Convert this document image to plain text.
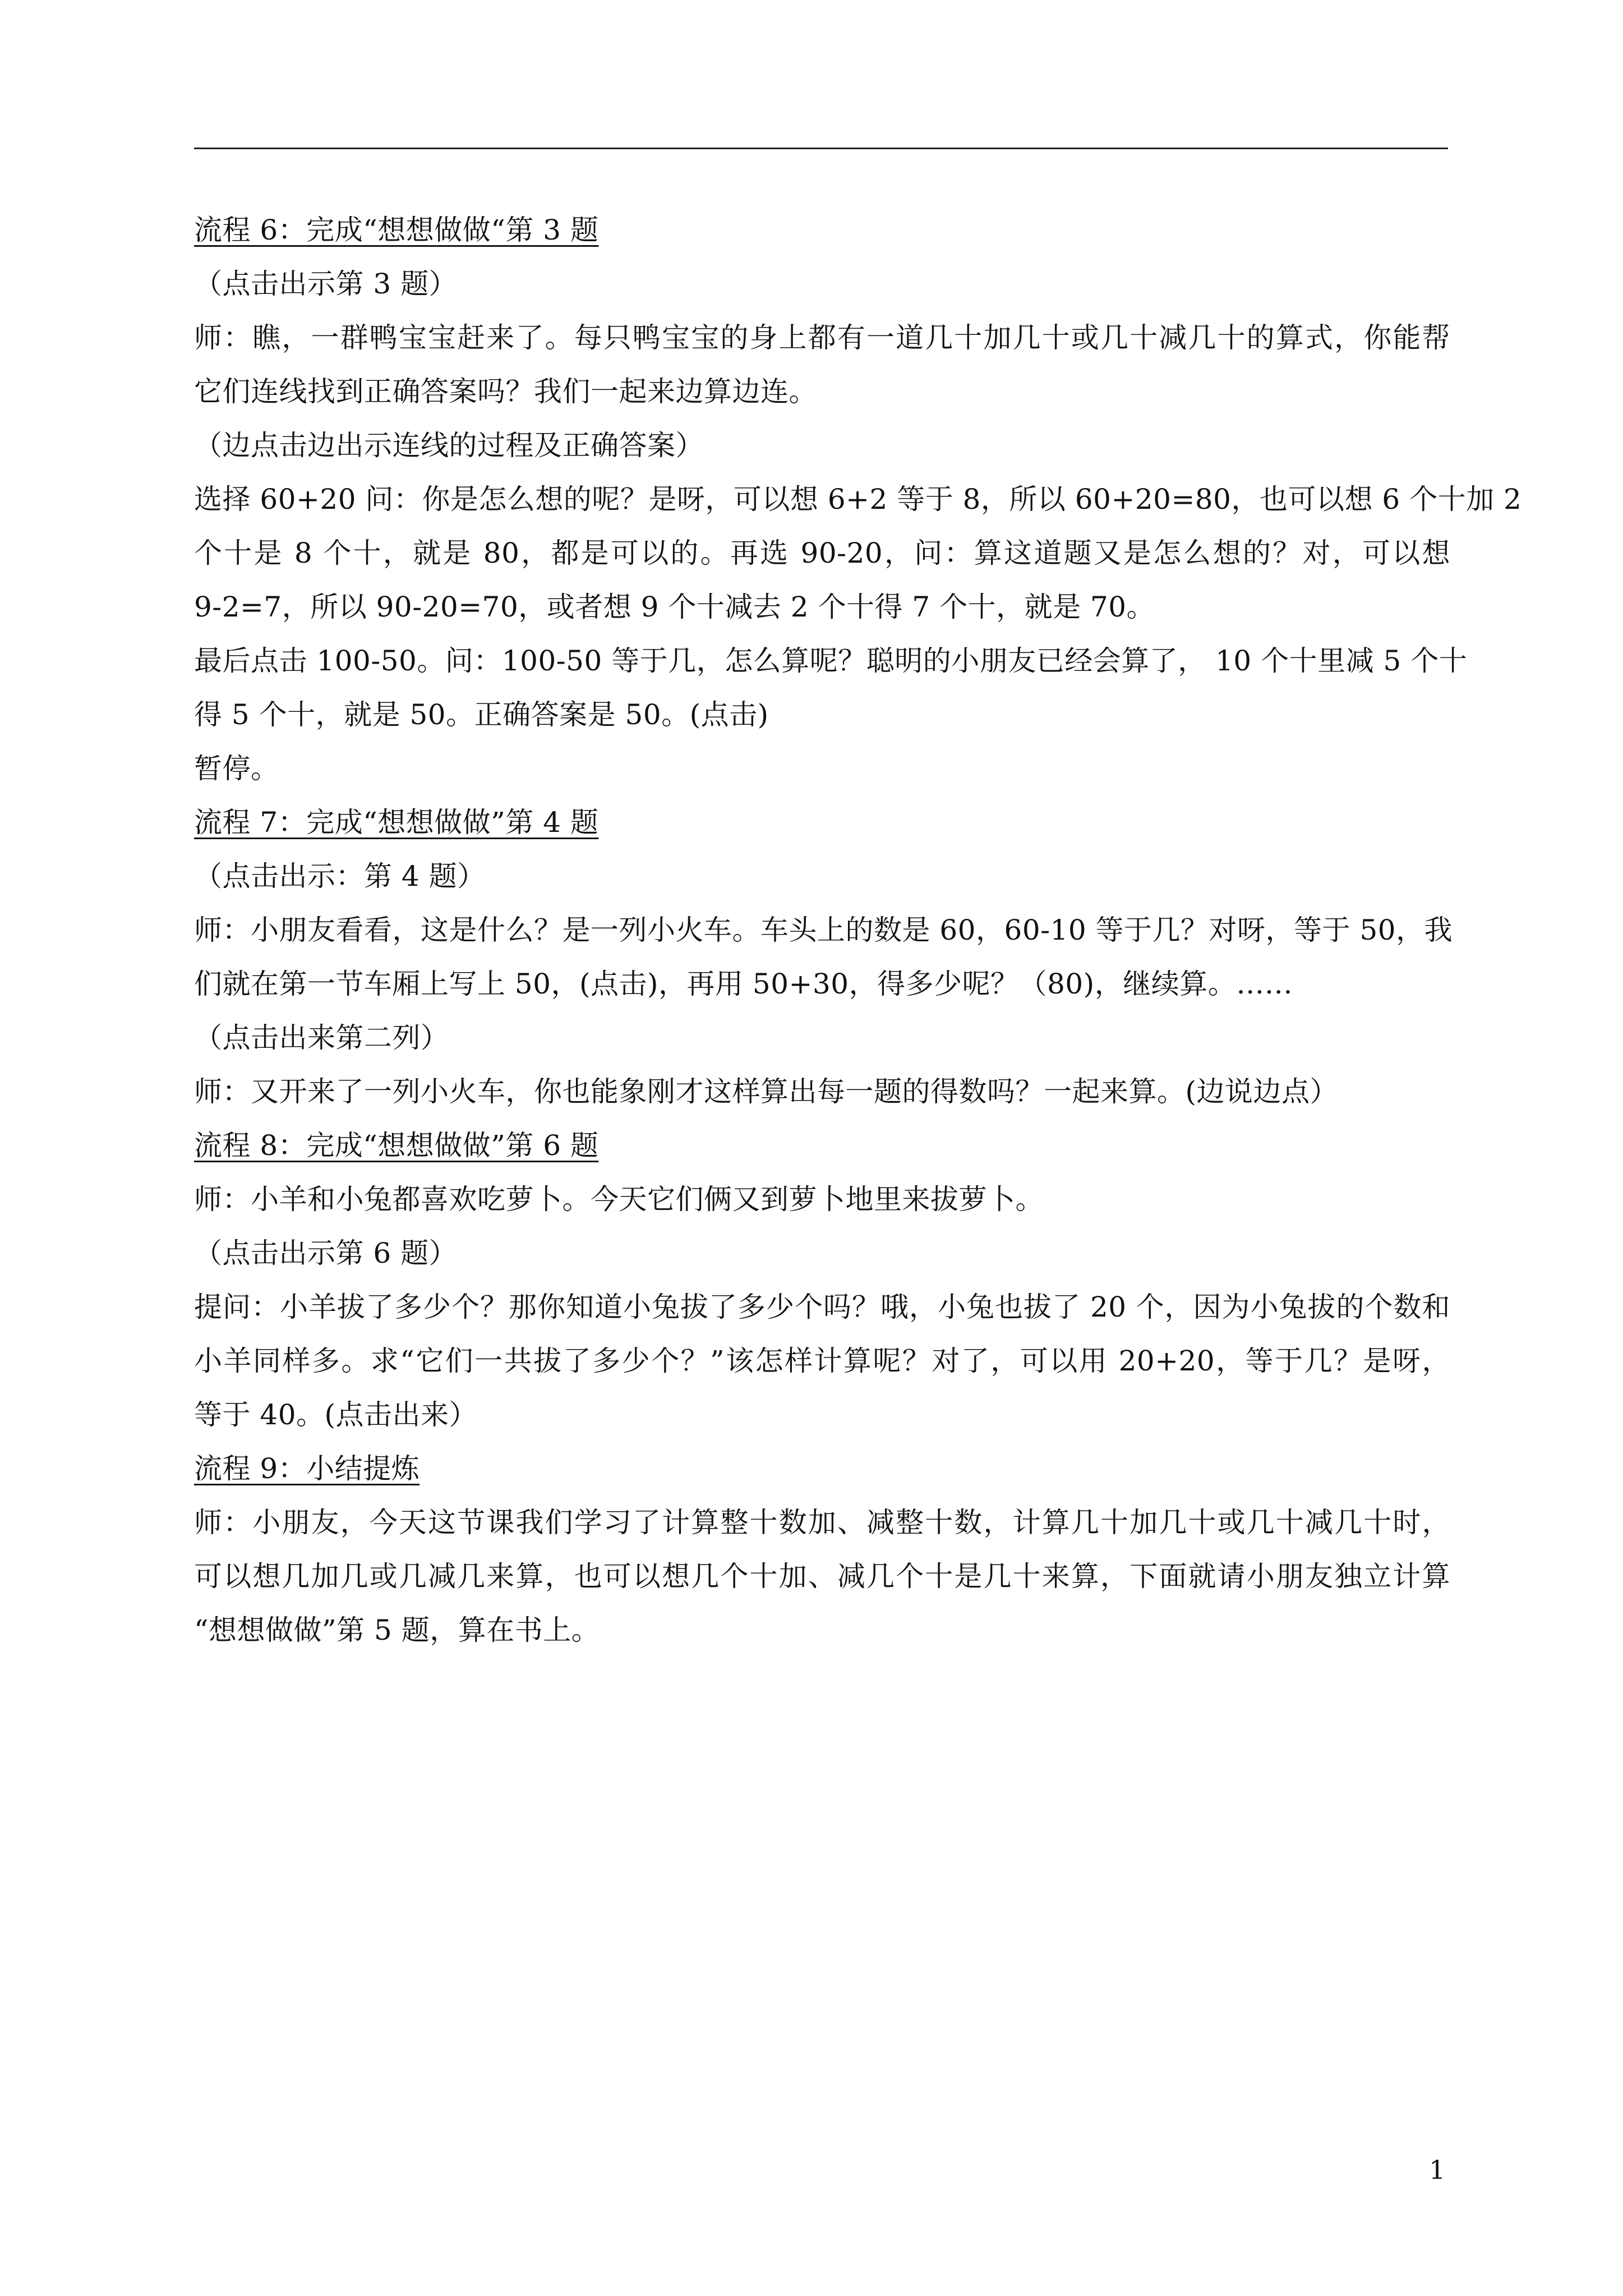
流程 6：完成“想想做做“第 3 题
（点击出示第 3 题）
师：瞧，一群鸭宝宝赶来了。每只鸭宝宝的身上都有一道几十加几十或几十减几十的算式，你能帮
它们连线找到正确答案吗？我们一起来边算边连。
（边点击边出示连线的过程及正确答案）
选择 60+20 问：你是怎么想的呢？是呀，可以想 6+2 等于 8，所以 60+20=80，也可以想 6 个十加 2
个十是 8 个十，就是 80，都是可以的。再选 90-20，问：算这道题又是怎么想的？对，可以想
9-2=7，所以 90-20=70，或者想 9 个十减去 2 个十得 7 个十，就是 70。
最后点击 100-50。问：100-50 等于几，怎么算呢？聪明的小朋友已经会算了， 10 个十里减 5 个十
得 5 个十，就是 50。正确答案是 50。(点击)
暂停。
流程 7：完成“想想做做”第 4 题
（点击出示：第 4 题）
师：小朋友看看，这是什么？是一列小火车。车头上的数是 60，60-10 等于几？对呀，等于 50，我
们就在第一节车厢上写上 50，(点击)，再用 50+30，得多少呢？（80)，继续算。……
（点击出来第二列）
师：又开来了一列小火车，你也能象刚才这样算出每一题的得数吗？一起来算。(边说边点）
流程 8：完成“想想做做”第 6 题
师：小羊和小兔都喜欢吃萝卜。今天它们俩又到萝卜地里来拔萝卜。
（点击出示第 6 题）
提问：小羊拔了多少个？那你知道小兔拔了多少个吗？哦，小兔也拔了 20 个，因为小兔拔的个数和
小羊同样多。求“它们一共拔了多少个？”该怎样计算呢？对了，可以用 20+20，等于几？是呀，
等于 40。(点击出来）
流程 9：小结提炼
师：小朋友，今天这节课我们学习了计算整十数加、减整十数，计算几十加几十或几十减几十时，
可以想几加几或几减几来算，也可以想几个十加、减几个十是几十来算，下面就请小朋友独立计算
“想想做做”第 5 题，算在书上。
1
